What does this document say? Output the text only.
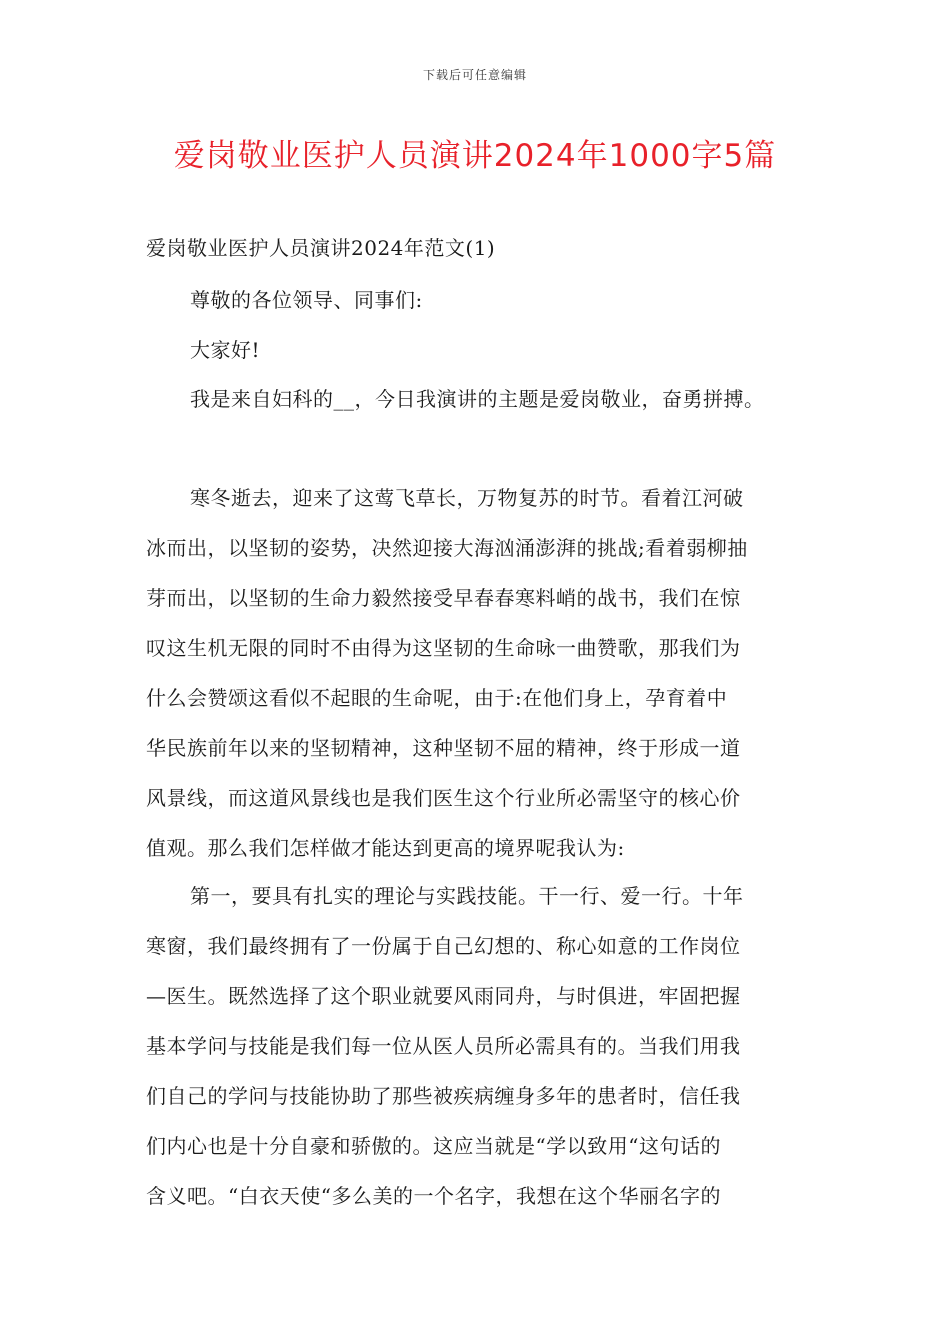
下载后可任意编辑
爱岗敬业医护人员演讲2024年1000字5篇
爱岗敬业医护人员演讲2024年范文(1)
尊敬的各位领导、同事们:
大家好!
我是来自妇科的__，今日我演讲的主题是爱岗敬业，奋勇拼搏。
寒冬逝去，迎来了这莺飞草长，万物复苏的时节。看着江河破
冰而出，以坚韧的姿势，决然迎接大海汹涌澎湃的挑战;看着弱柳抽
芽而出，以坚韧的生命力毅然接受早春春寒料峭的战书，我们在惊
叹这生机无限的同时不由得为这坚韧的生命咏一曲赞歌，那我们为
什么会赞颂这看似不起眼的生命呢，由于:在他们身上，孕育着中
华民族前年以来的坚韧精神，这种坚韧不屈的精神，终于形成一道
风景线，而这道风景线也是我们医生这个行业所必需坚守的核心价
值观。那么我们怎样做才能达到更高的境界呢我认为:
第一，要具有扎实的理论与实践技能。干一行、爱一行。十年
寒窗，我们最终拥有了一份属于自己幻想的、称心如意的工作岗位
—医生。既然选择了这个职业就要风雨同舟，与时俱进，牢固把握
基本学问与技能是我们每一位从医人员所必需具有的。当我们用我
们自己的学问与技能协助了那些被疾病缠身多年的患者时，信任我
们内心也是十分自豪和骄傲的。这应当就是“学以致用“这句话的
含义吧。“白衣天使“多么美的一个名字，我想在这个华丽名字的
